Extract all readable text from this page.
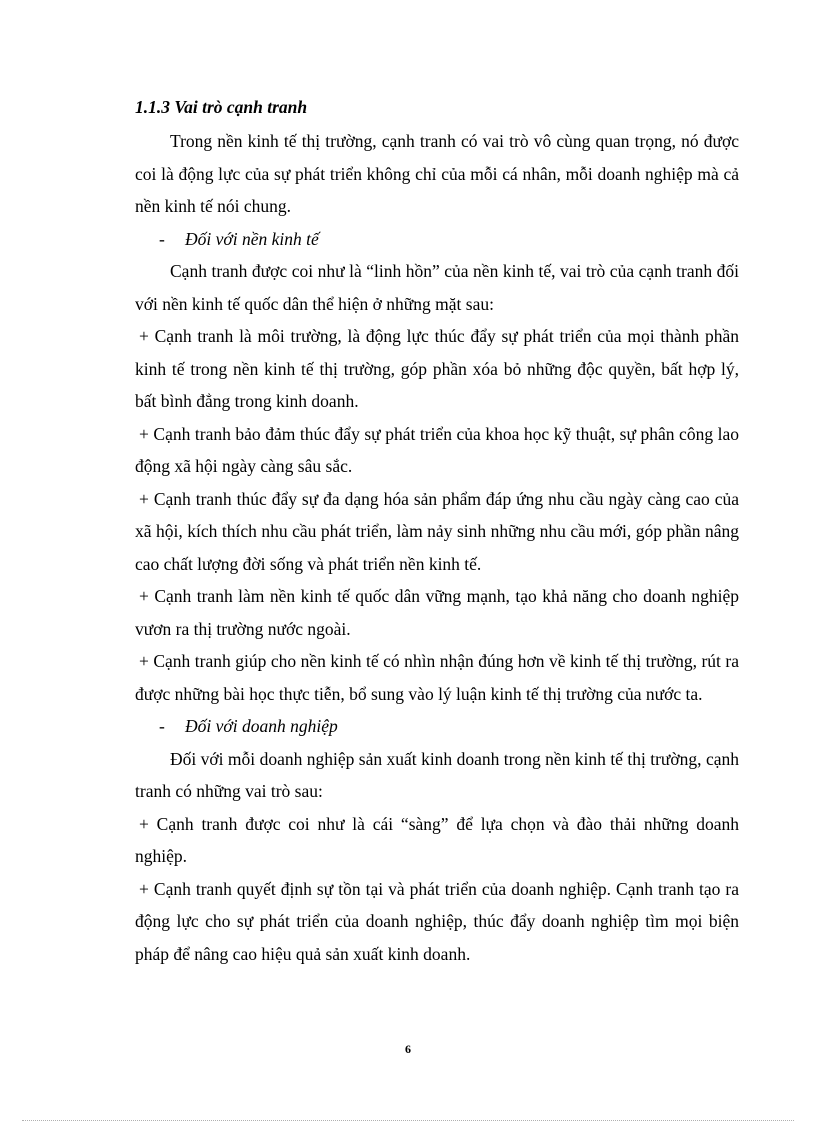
1.1.3 Vai trò cạnh tranh

Trong nền kinh tế thị trường, cạnh tranh có vai trò vô cùng quan trọng, nó được coi là động lực của sự phát triển không chỉ của mỗi cá nhân, mỗi doanh nghiệp mà cả nền kinh tế nói chung.

- Đối với nền kinh tế

Cạnh tranh được coi như là “linh hồn” của nền kinh tế, vai trò của cạnh tranh đối với nền kinh tế quốc dân thể hiện ở những mặt sau:

+ Cạnh tranh là môi trường, là động lực thúc đẩy sự phát triển của mọi thành phần kinh tế trong nền kinh tế thị trường, góp phần xóa bỏ những độc quyền, bất hợp lý, bất bình đẳng trong kinh doanh.

+ Cạnh tranh bảo đảm thúc đẩy sự phát triển của khoa học kỹ thuật, sự phân công lao động xã hội ngày càng sâu sắc.

+ Cạnh tranh thúc đẩy sự đa dạng hóa sản phẩm đáp ứng nhu cầu ngày càng cao của xã hội, kích thích nhu cầu phát triển, làm nảy sinh những nhu cầu mới, góp phần nâng cao chất lượng đời sống và phát triển nền kinh tế.

+ Cạnh tranh làm nền kinh tế quốc dân vững mạnh, tạo khả năng cho doanh nghiệp vươn ra thị trường nước ngoài.

+ Cạnh tranh giúp cho nền kinh tế có nhìn nhận đúng hơn về kinh tế thị trường, rút ra được những bài học thực tiễn, bổ sung vào lý luận kinh tế thị trường của nước ta.

- Đối với doanh nghiệp

Đối với mỗi doanh nghiệp sản xuất kinh doanh trong nền kinh tế thị trường, cạnh tranh có những vai trò sau:

+ Cạnh tranh được coi như là cái “sàng” để lựa chọn và đào thải những doanh nghiệp.

+ Cạnh tranh quyết định sự tồn tại và phát triển của doanh nghiệp. Cạnh tranh tạo ra động lực cho sự phát triển của doanh nghiệp, thúc đẩy doanh nghiệp tìm mọi biện pháp để nâng cao hiệu quả sản xuất kinh doanh.

6
